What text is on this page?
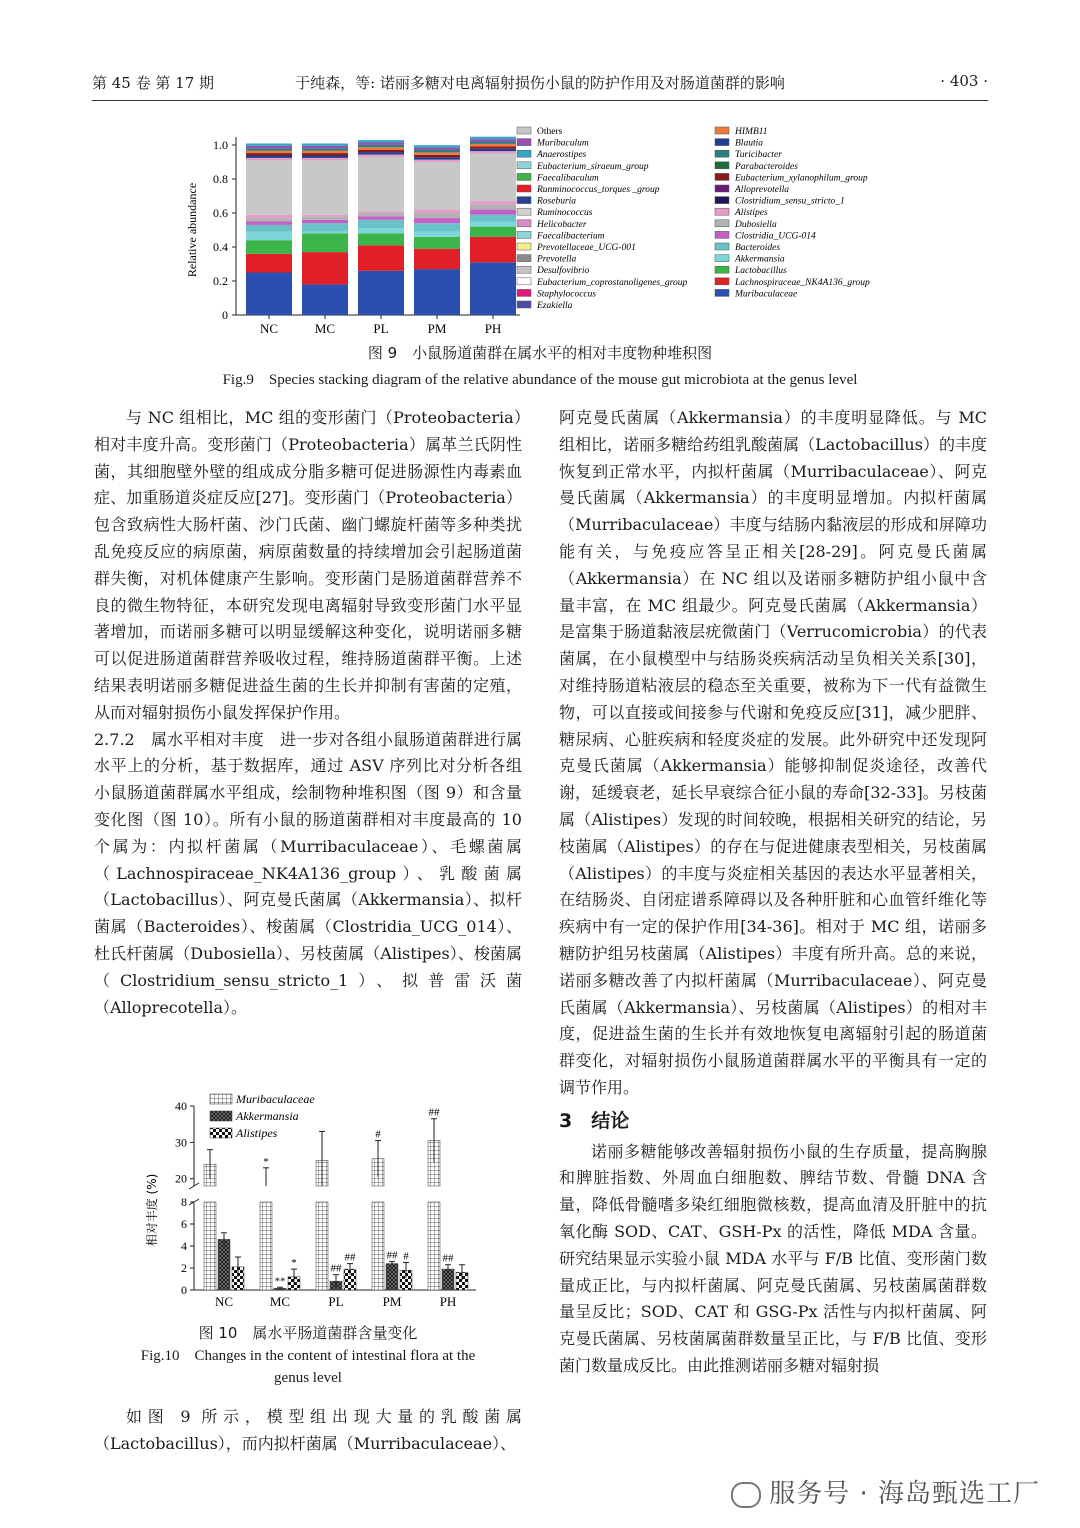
第 45 卷 第 17 期	于纯森，等: 诺丽多糖对电离辐射损伤小鼠的防护作用及对肠道菌群的影响	· 403 ·
0
0.2
0.4
0.6
0.8
1.0
Relative abundance
NC	MC	PL	PM	PH
Others
Muribaculum
Anaerostipes
Eubacterium_siraeum_group
Faecalibaculum
Runminococcus_torques _group
Roseburia
Ruminococcus
Helicobacter
Faecalibacterium
Prevotellaceae_UCG-001
Prevotella
Desulfovibrio
Eubacterium_coprostanoligenes_group
Staphylococcus
Ezakiella
HIMB11
Blautia
Turicibacter
Parabacteroides
Eubacterium_xylanophilum_group
Alloprevotella
Clostridium_sensu_stricto_1
Alistipes
Dubosiella
Clostridia_UCG-014
Bacteroides
Akkermansia
Lactobacillus
Lachnospiraceae_NK4A136_group
Muribaculaceae
图 9　小鼠肠道菌群在属水平的相对丰度物种堆积图
Fig.9　Species stacking diagram of the relative abundance of the mouse gut microbiota at the genus level

与 NC 组相比，MC 组的变形菌门（Proteobacteria）相对丰度升高。变形菌门（Proteobacteria）属革兰氏阴性菌，其细胞壁外壁的组成成分脂多糖可促进肠源性内毒素血症、加重肠道炎症反应[27]。变形菌门（Proteobacteria）包含致病性大肠杆菌、沙门氏菌、幽门螺旋杆菌等多种类扰乱免疫反应的病原菌，病原菌数量的持续增加会引起肠道菌群失衡，对机体健康产生影响。变形菌门是肠道菌群营养不良的微生物特征，本研究发现电离辐射导致变形菌门水平显著增加，而诺丽多糖可以明显缓解这种变化，说明诺丽多糖可以促进肠道菌群营养吸收过程，维持肠道菌群平衡。上述结果表明诺丽多糖促进益生菌的生长并抑制有害菌的定殖，从而对辐射损伤小鼠发挥保护作用。

2.7.2　属水平相对丰度　进一步对各组小鼠肠道菌群进行属水平上的分析，基于数据库，通过 ASV 序列比对分析各组小鼠肠道菌群属水平组成，绘制物种堆积图（图 9）和含量变化图（图 10）。所有小鼠的肠道菌群相对丰度最高的 10 个属为：内拟杆菌属（Murribaculaceae）、毛螺菌属（Lachnospiraceae_NK4A136_group）、乳酸菌属（Lactobacillus）、阿克曼氏菌属（Akkermansia）、拟杆菌属（Bacteroides）、梭菌属（Clostridia_UCG_014）、杜氏杆菌属（Dubosiella）、另枝菌属（Alistipes）、梭菌属（Clostridium_sensu_stricto_1）、拟普雷沃菌（Alloprecotella）。

0
2
4
6
8
20
30
40
相对丰度 (%)
NC
*
**
*
MC
##
##
PL
#
## #
PM
##
##
PH
Muribaculaceae
Akkermansia
Alistipes
图 10　属水平肠道菌群含量变化
Fig.10　Changes in the content of intestinal flora at the
genus level

如图 9 所示，模型组出现大量的乳酸菌属（Lactobacillus），而内拟杆菌属（Murribaculaceae）、

阿克曼氏菌属（Akkermansia）的丰度明显降低。与 MC 组相比，诺丽多糖给药组乳酸菌属（Lactobacillus）的丰度恢复到正常水平，内拟杆菌属（Murribaculaceae）、阿克曼氏菌属（Akkermansia）的丰度明显增加。内拟杆菌属（Murribaculaceae）丰度与结肠内黏液层的形成和屏障功能有关，与免疫应答呈正相关[28-29]。阿克曼氏菌属（Akkermansia）在 NC 组以及诺丽多糖防护组小鼠中含量丰富，在 MC 组最少。阿克曼氏菌属（Akkermansia）是富集于肠道黏液层疣微菌门（Verrucomicrobia）的代表菌属，在小鼠模型中与结肠炎疾病活动呈负相关关系[30]，对维持肠道粘液层的稳态至关重要，被称为下一代有益微生物，可以直接或间接参与代谢和免疫反应[31]，减少肥胖、糖尿病、心脏疾病和轻度炎症的发展。此外研究中还发现阿克曼氏菌属（Akkermansia）能够抑制促炎途径，改善代谢，延缓衰老，延长早衰综合征小鼠的寿命[32-33]。另枝菌属（Alistipes）发现的时间较晚，根据相关研究的结论，另枝菌属（Alistipes）的存在与促进健康表型相关，另枝菌属（Alistipes）的丰度与炎症相关基因的表达水平显著相关，在结肠炎、自闭症谱系障碍以及各种肝脏和心血管纤维化等疾病中有一定的保护作用[34-36]。相对于 MC 组，诺丽多糖防护组另枝菌属（Alistipes）丰度有所升高。总的来说，诺丽多糖改善了内拟杆菌属（Murribaculaceae）、阿克曼氏菌属（Akkermansia）、另枝菌属（Alistipes）的相对丰度，促进益生菌的生长并有效地恢复电离辐射引起的肠道菌群变化，对辐射损伤小鼠肠道菌群属水平的平衡具有一定的调节作用。

3　结论

诺丽多糖能够改善辐射损伤小鼠的生存质量，提高胸腺和脾脏指数、外周血白细胞数、脾结节数、骨髓 DNA 含量，降低骨髓嗜多染红细胞微核数，提高血清及肝脏中的抗氧化酶 SOD、CAT、GSH-Px 的活性，降低 MDA 含量。研究结果显示实验小鼠 MDA 水平与 F/B 比值、变形菌门数量成正比，与内拟杆菌属、阿克曼氏菌属、另枝菌属菌群数量呈反比；SOD、CAT 和 GSG-Px 活性与内拟杆菌属、阿克曼氏菌属、另枝菌属菌群数量呈正比，与 F/B 比值、变形菌门数量成反比。由此推测诺丽多糖对辐射损

服务号 · 海岛甄选工厂
